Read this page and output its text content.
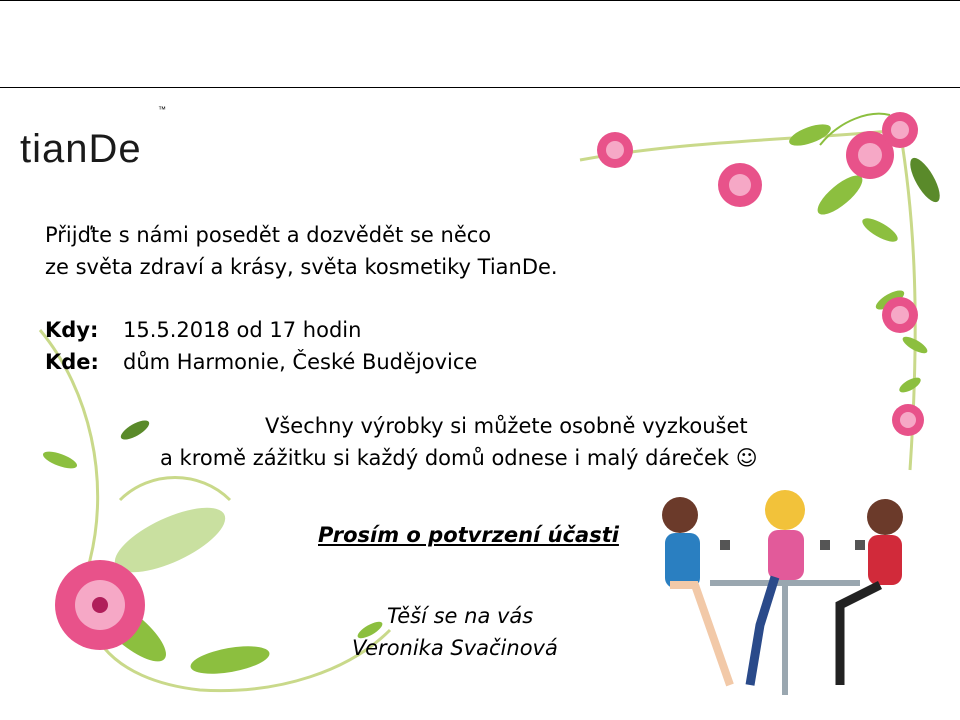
tianDe
™
Přijďte s námi posedět a dozvědět se něco
ze světa zdraví a krásy, světa kosmetiky TianDe.
Kdy: 15.5.2018 od 17 hodin
Kde: dům Harmonie, České Budějovice
Všechny výrobky si můžete osobně vyzkoušet
a kromě zážitku si každý domů odnese i malý dáreček ☺
Prosím o potvrzení účasti
Těší se na vás
Veronika Svačinová
